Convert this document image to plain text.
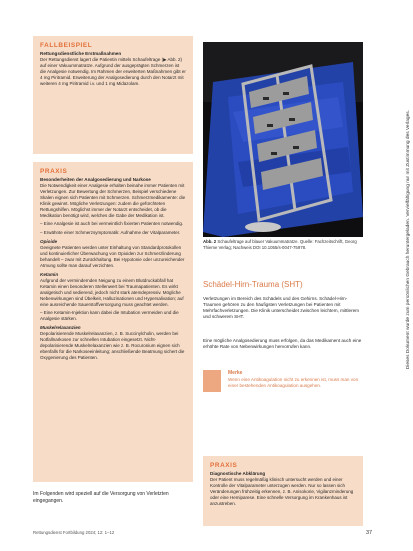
FALLBEISPIEL
Rettungsdienstliche Erstmaßnahmen

Der Rettungsdienst lagert die Patientin mittels Schaufeltrage (▶ Abb. 2) auf einer Vakuummatratze. Aufgrund der ausgeprägten Schmerzen ist die Analgesie notwendig. Im Rahmen der erweiterten Maßnahmen gibt er 4 mg Piritramid. Erweiterung der Analgosedierung durch den Notarzt mit weiteren 4 mg Piritramid i.v. und 1 mg Midazolam.

PRAXIS
Besonderheiten der Analgosedierung und Narkose

Die Notwendigkeit einer Analgesie erhalten beinahe immer Patienten mit Verletzungen. Zur Bewertung der Schmerzen, Beispiel verschiedene Skalen eignen sich Patienten mit Schmerzen. Schmerzmedikamente: die Klinik gewinnt. Mögliche Verletzungen: zudem die gefürchteten Rettungshilfen. Möglichst immer der Notarzt entscheidet, ob die Medikation benötigt wird, welches die Gabe der Medikation ist.

– Eine Analgesie ist auch bei vermeintlich fixierten Patienten notwendig.

– Erwähnte einer Schmerzsymptomatik: Aufnahme der Vitalparameter.

Opioide

Geeignete Patienten werden unter Einhaltung von Standardprotokollen und kontinuierlicher Überwachung von Opioiden zur Schmerzlinderung behandelt – zwar mit Zurückhaltung. Bei Hypotonie oder unzureichender Atmung sollte man darauf verzichten.

Ketamin

Aufgrund der vermindernden Neigung zu einem Blutdruckabfall hat Ketamin einen besonderen Stellenwert bei Traumapatienten. Es wirkt analgetisch und sedierend, jedoch nicht stark atemdepressiv. Mögliche Nebenwirkungen sind Übelkeit, Halluzinationen und Hypersalivation; auf eine ausreichende Sauerstoffversorgung muss geachtet werden.

– Eine Ketamin-Injektion kann dabei die Intubation vermeiden und die Analgesie stärken.

Muskelrelaxanzien

Depolarisierende Muskelrelaxanzien, z. B. Succinylcholin, werden bei Notfallnarkosen zur schnellen Intubation eingesetzt. Nicht-depolarisierende Muskelrelaxanzien wie z. B. Rocuronium eignen sich ebenfalls für die Narkoseeinleitung; anschließende Beatmung sichert die Oxygenierung des Patienten.

Im Folgenden wird speziell auf die Versorgung von Verletzten eingegangen.

Abb. 2 Schaufeltrage auf blauer Vakuummatratze. Quelle: Fachzeitschrift, Georg Thieme Verlag; Nachweis DOI 10.1055/s-0047-75978.

Schädel-Hirn-Trauma (SHT)

Verletzungen im Bereich des Schädels und des Gehirns. Schädel-Hirn-Traumen gehören zu den häufigsten Verletzungen bei Patienten mit Mehrfachverletzungen. Die Klinik unterscheidet zwischen leichtem, mittlerem und schwerem SHT.

Eine mögliche Analgosedierung muss erfolgen, da das Medikament auch eine erhöhte Rate von Nebenwirkungen hervorrufen kann.

Merke

Wenn eine Antikoagulation nicht zu erkennen ist, muss man von einer bestehenden Antikoagulation ausgehen.

PRAXIS
Diagnostische Abklärung

Der Patient muss regelmäßig klinisch untersucht werden und einer Kontrolle der Vitalparameter unterzogen werden. Nur so lassen sich Veränderungen frühzeitig erkennen, z. B. Anisokorie, Vigilanzminderung oder eine Hemiparese. Eine schnelle Versorgung im Krankenhaus ist anzustreben.

Dieses Dokument wurde zum persönlichen Gebrauch heruntergeladen. Vervielfältigung nur mit Zustimmung des Verlages.
Rettungsdienst Fortbildung 2024; 12: 1–12	37
